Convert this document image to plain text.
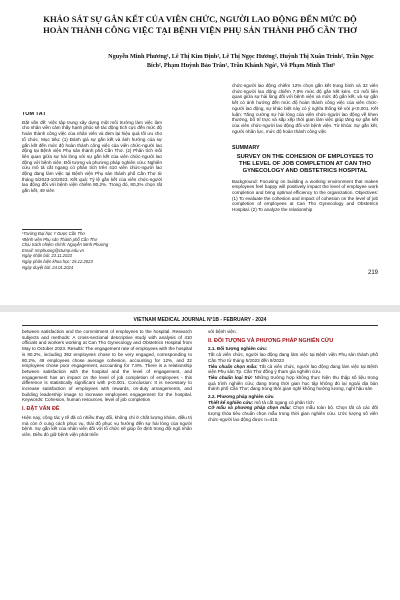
KHẢO SÁT SỰ GẮN KẾT CỦA VIÊN CHỨC, NGƯỜI LAO ĐỘNG ĐẾN MỨC ĐỘ HOÀN THÀNH CÔNG VIỆC TẠI BỆNH VIỆN PHỤ SẢN THÀNH PHỐ CẦN THƠ
Nguyễn Minh Phương¹, Lê Thị Kim Định², Lê Thị Ngọc Hương², Huỳnh Thị Xuân Trinh², Trần Ngọc Bích², Phạm Huỳnh Bảo Trân², Trần Khánh Ngà¹, Võ Phạm Minh Thư¹
TÓM TẮT

Đặt vấn đề: Việc tập trung xây dựng một môi trường làm việc làm cho nhân viên cảm thấy hạnh phúc sẽ tác động tích cực đến mức độ hoàn thành công việc của nhân viên và đem lại hiệu quả tối ưu cho tổ chức. Mục tiêu: (1) Đánh giá sự gắn kết và ảnh hưởng của sự gắn kết đến mức độ hoàn thành công việc của viên chức-người lao động tại Bệnh viện Phụ sản thành phố Cần Thơ. (2) Phân tích mối liên quan giữa sự hài lòng với sự gắn kết của viên chức-người lao động với bệnh viện. Đối tượng và phương pháp nghiên cứu: Nghiên cứu mô tả cắt ngang có phân tích trên 410 viên chức-người lao động đang làm việc tại Bệnh viện Phụ sản thành phố Cần Thơ từ tháng 5/2023-10/2023. Kết quả: Tỷ lệ gắn kết của viên chức-người lao động đối với bệnh viện chiếm 80,2%. Trong đó, 80,2% chọn rất gắn kết, 49 viên

chức-người lao động chiếm 12% chọn gắn kết trung bình và 32 viên chức-người lao động chiếm 7,8% mức độ gắn kết kém. Có mối liên quan giữa sự hài lòng đối với bệnh viện và mức độ gắn kết, và sự gắn kết có ảnh hưởng đến mức độ hoàn thành công việc của viên chức-người lao động, sự khác biệt này có ý nghĩa thống kê với p<0,001. Kết luận: Tăng cường sự hài lòng của viên chức-người lao động về khen thưởng, bố trí trực và sắp xếp thời gian làm việc giúp tăng sự gắn kết của viên chức-người lao động đối với bệnh viện. Từ khóa: Sự gắn kết, người nhân lực, mức độ hoàn thành công việc

¹Trường Đại học Y Dược Cần Thơ
²Bệnh viện Phụ sản Thành phố Cần Thơ
Chịu trách nhiệm chính: Nguyễn Minh Phương
Email: nmphuong@ctump.edu.vn
Ngày nhận bài: 23.11.2023
Ngày phản biện khoa học: 25.12.2023
Ngày duyệt bài: 24.01.2024
SUMMARY
SURVEY ON THE COHESION OF EMPLOYEES TO THE LEVEL OF JOB COMPLETION AT CAN THO GYNECOLOGY AND OBSTETRICS HOSPITAL
Background: Focusing on building a working environment that makes employees feel happy will positively impact the level of employee work completion and bring optimal efficiency to the organization. Objectives: (1) To evaluate the cohesion and impact of cohesion on the level of job completion of employees at Can Tho Gynecology and Obstetrics Hospital. (2) To analyze the relationship
219
VIETNAM MEDICAL JOURNAL N°1B - FEBRUARY - 2024

between satisfaction and the commitment of employees to the hospital. Research subjects and methods: A cross-sectional descriptive study with analysis of 410 officials and workers working at Can Tho Gynecology and Obstetrics Hospital from May to October 2023. Results: The engagement rate of employees with the hospital is 80.2%, including 392 employees chose to be very engaged, corresponding to 80.2%, 49 employees chose average cohesion, accounting for 12%, and 32 employees chose poor engagement, accounting for 7.8%. There is a relationship between satisfaction with the hospital and the level of engagement, and engagement has an impact on the level of job completion of employees - this difference is statistically significant with p<0.001. Conclusion: It is necessary to increase satisfaction of employees with rewards, on-duty arrangements, and building leadership image to increase employees engagement for the hospital. Keywords: Cohesion, human resources, level of job completion

I. ĐẶT VẤN ĐỀ

Hiện nay, công tác y tế đã có nhiều thay đổi, không chỉ ở chất lượng khám, điều trị mà còn ở cung cách phục vụ, thái độ phục vụ hướng đến sự hài lòng của người bệnh. Sự gắn kết của nhân viên đối với tổ chức sẽ giúp ổn định trong đội ngũ nhân viên. Điều đó giữ bệnh viện phát triển

với bệnh viện.

II. ĐỐI TƯỢNG VÀ PHƯƠNG PHÁP NGHIÊN CỨU
2.1. Đối tượng nghiên cứu:

Tất cả viên chức, người lao động đang làm việc tại Bệnh viện Phụ sản thành phố Cần Thơ từ tháng 5/2023 đến 9/2023

Tiêu chuẩn chọn mẫu: Tất cả viên chức, người lao động đang làm việc tại Bệnh viện Phụ sản Tp. Cần Thơ đồng ý tham gia nghiên cứu.

Tiêu chuẩn loại trừ: Những trường hợp không thực hiện thu thập số liệu trong quá trình nghiên cứu; đang trong thời gian học tập không đủ lại ngoài địa bàn thành phố Cần Thơ; đang trong thời gian nghỉ không hưởng lương, nghỉ hậu sản

2.2. Phương pháp nghiên cứu

Thiết kế nghiên cứu: mô tả cắt ngang có phân tích

Cỡ mẫu và phương pháp chọn mẫu: Chọn mẫu toàn bộ. Chọn tất cả các đối tượng thỏa tiêu chuẩn chọn mẫu trong thời gian nghiên cứu. Ước lượng số viên chức-người lao động được n=410.
